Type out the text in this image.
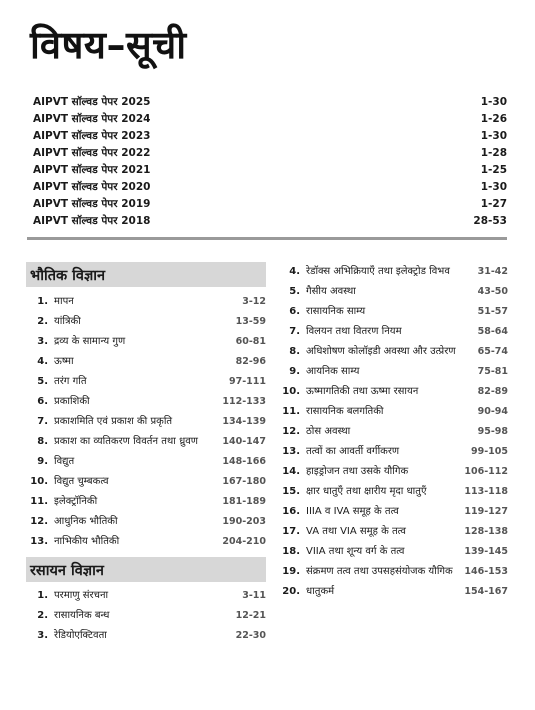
विषय–सूची
AIPVT सॉल्वड पेपर 2025	1-30
AIPVT सॉल्वड पेपर 2024	1-26
AIPVT सॉल्वड पेपर 2023	1-30
AIPVT सॉल्वड पेपर 2022	1-28
AIPVT सॉल्वड पेपर 2021	1-25
AIPVT सॉल्वड पेपर 2020	1-30
AIPVT सॉल्वड पेपर 2019	1-27
AIPVT सॉल्वड पेपर 2018	28-53
भौतिक विज्ञान
1. मापन	3-12
2. यांत्रिकी	13-59
3. द्रव्य के सामान्य गुण	60-81
4. ऊष्मा	82-96
5. तरंग गति	97-111
6. प्रकाशिकी	112-133
7. प्रकाशमिति एवं प्रकाश की प्रकृति	134-139
8. प्रकाश का व्यतिकरण विवर्तन तथा ध्रुवण	140-147
9. विद्युत	148-166
10. विद्युत चुम्बकत्व	167-180
11. इलेक्ट्रॉनिकी	181-189
12. आधुनिक भौतिकी	190-203
13. नाभिकीय भौतिकी	204-210
रसायन विज्ञान
1. परमाणु संरचना	3-11
2. रासायनिक बन्ध	12-21
3. रेडियोएक्टिवता	22-30
4. रेडॉक्स अभिक्रियाएँ तथा इलेक्ट्रोड विभव	31-42
5. गैसीय अवस्था	43-50
6. रासायनिक साम्य	51-57
7. विलयन तथा वितरण नियम	58-64
8. अधिशोषण कोलॉइडी अवस्था और उत्प्रेरण	65-74
9. आयनिक साम्य	75-81
10. ऊष्मागतिकी तथा ऊष्मा रसायन	82-89
11. रासायनिक बलगतिकी	90-94
12. ठोस अवस्था	95-98
13. तत्वों का आवर्ती वर्गीकरण	99-105
14. हाइड्रोजन तथा उसके यौगिक	106-112
15. क्षार धातुएँ तथा क्षारीय मृदा धातुएँ	113-118
16. IIIA व IVA समूह के तत्व	119-127
17. VA तथा VIA समूह के तत्व	128-138
18. VIIA तथा शून्य वर्ग के तत्व	139-145
19. संक्रमण तत्व तथा उपसहसंयोजक यौगिक	146-153
20. धातुकर्म	154-167
